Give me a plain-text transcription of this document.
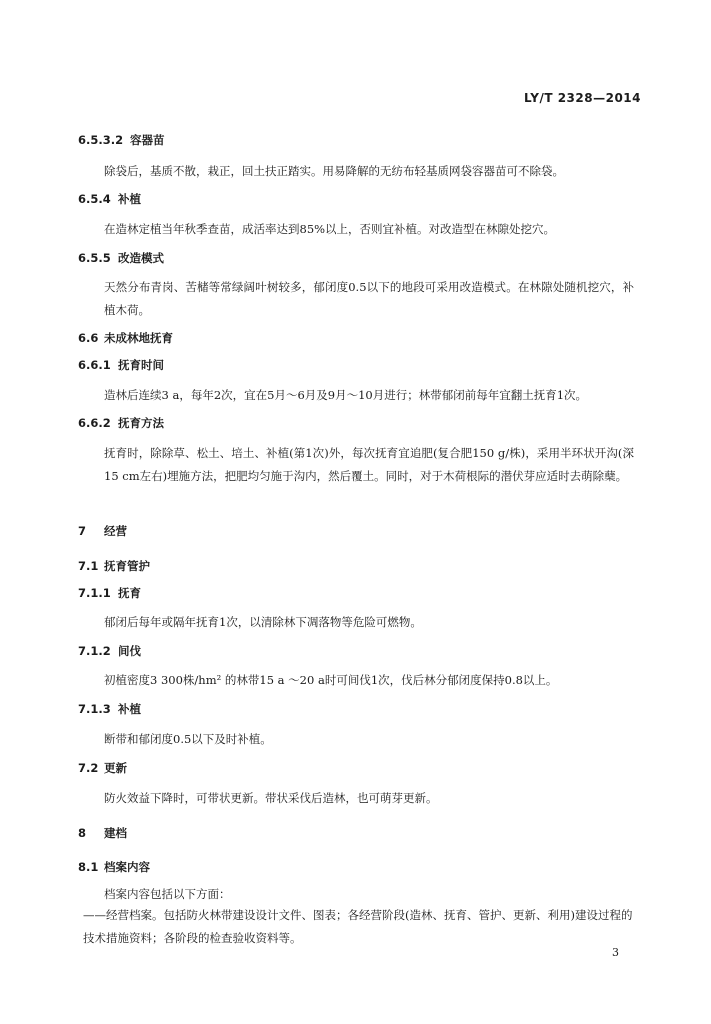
LY/T 2328—2014
6.5.3.2 容器苗
除袋后，基质不散，栽正，回土扶正踏实。用易降解的无纺布轻基质网袋容器苗可不除袋。
6.5.4 补植
在造林定植当年秋季查苗，成活率达到85%以上，否则宜补植。对改造型在林隙处挖穴。
6.5.5 改造模式
天然分布青岗、苦槠等常绿阔叶树较多，郁闭度0.5以下的地段可采用改造模式。在林隙处随机挖穴，补植木荷。
6.6 未成林地抚育
6.6.1 抚育时间
造林后连续3 a，每年2次，宜在5月～6月及9月～10月进行；林带郁闭前每年宜翻土抚育1次。
6.6.2 抚育方法
抚育时，除除草、松土、培土、补植(第1次)外，每次抚育宜追肥(复合肥150 g/株)，采用半环状开沟(深15 cm左右)埋施方法，把肥均匀施于沟内，然后覆土。同时，对于木荷根际的潜伏芽应适时去萌除蘖。
7 经营
7.1 抚育管护
7.1.1 抚育
郁闭后每年或隔年抚育1次，以清除林下凋落物等危险可燃物。
7.1.2 间伐
初植密度3 300株/hm² 的林带15 a ～20 a时可间伐1次，伐后林分郁闭度保持0.8以上。
7.1.3 补植
断带和郁闭度0.5以下及时补植。
7.2 更新
防火效益下降时，可带状更新。带状采伐后造林，也可萌芽更新。
8 建档
8.1 档案内容
档案内容包括以下方面：
——经营档案。包括防火林带建设设计文件、图表；各经营阶段(造林、抚育、管护、更新、利用)建设过程的技术措施资料；各阶段的检查验收资料等。
3
